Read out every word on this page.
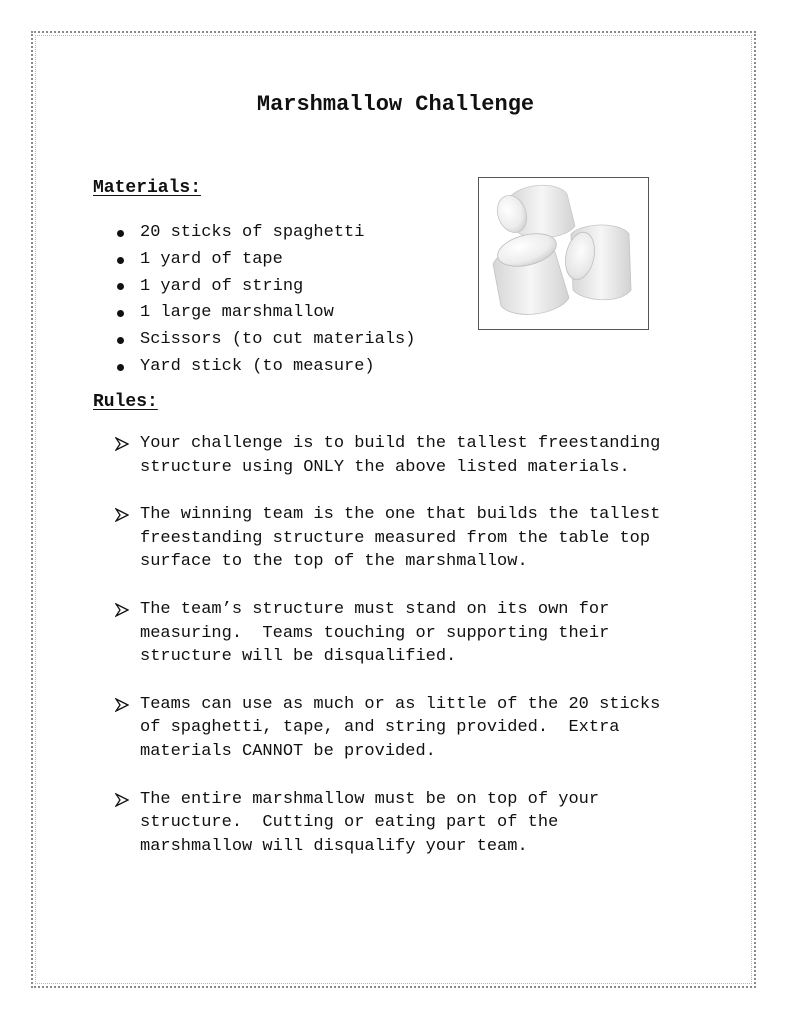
Marshmallow Challenge
Materials:
20 sticks of spaghetti
1 yard of tape
1 yard of string
1 large marshmallow
Scissors (to cut materials)
Yard stick (to measure)
Rules:
Your challenge is to build the tallest freestanding
structure using ONLY the above listed materials.
The winning team is the one that builds the tallest
freestanding structure measured from the table top
surface to the top of the marshmallow.
The team’s structure must stand on its own for
measuring.  Teams touching or supporting their
structure will be disqualified.
Teams can use as much or as little of the 20 sticks
of spaghetti, tape, and string provided.  Extra
materials CANNOT be provided.
The entire marshmallow must be on top of your
structure.  Cutting or eating part of the
marshmallow will disqualify your team.
